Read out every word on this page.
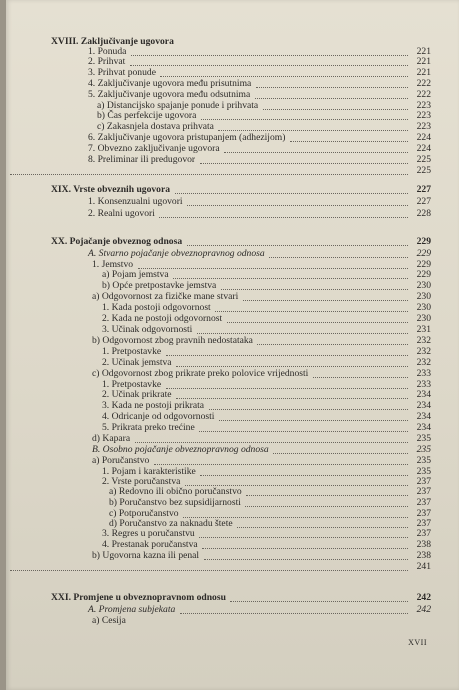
XVIII. Zaključivanje ugovora
1. Ponuda	221
2. Prihvat	221
3. Prihvat ponude	221
4. Zaključivanje ugovora među prisutnima	222
5. Zaključivanje ugovora među odsutnima	222
a) Distancijsko spajanje ponude i prihvata	223
b) Čas perfekcije ugovora	223
c) Zakasnjela dostava prihvata	223
6. Zaključivanje ugovora pristupanjem (adhezijom)	224
7. Obvezno zaključivanje ugovora	224
8. Preliminar ili predugovor	225
225
XIX. Vrste obveznih ugovora	227
1. Konsenzualni ugovori	227
2. Realni ugovori	228
XX. Pojačanje obveznog odnosa	229
A. Stvarno pojačanje obveznopravnog odnosa	229
1. Jemstvo	229
a) Pojam jemstva	229
b) Opće pretpostavke jemstva	230
a) Odgovornost za fizičke mane stvari	230
1. Kada postoji odgovornost	230
2. Kada ne postoji odgovornost	230
3. Učinak odgovornosti	231
b) Odgovornost zbog pravnih nedostataka	232
1. Pretpostavke	232
2. Učinak jemstva	232
c) Odgovornost zbog prikrate preko polovice vrijednosti	233
1. Pretpostavke	233
2. Učinak prikrate	234
3. Kada ne postoji prikrata	234
4. Odricanje od odgovornosti	234
5. Prikrata preko trećine	234
d) Kapara	235
B. Osobno pojačanje obveznopravnog odnosa	235
a) Poručanstvo	235
1. Pojam i karakteristike	235
2. Vrste poručanstva	237
a) Redovno ili obično poručanstvo	237
b) Poručanstvo bez supsidijarnosti	237
c) Potporučanstvo	237
d) Poručanstvo za naknadu štete	237
3. Regres u poručanstvu	237
4. Prestanak poručanstva	238
b) Ugovorna kazna ili penal	238
241
XXI. Promjene u obveznopravnom odnosu	242
A. Promjena subjekata	242
a) Cesija
XVII
